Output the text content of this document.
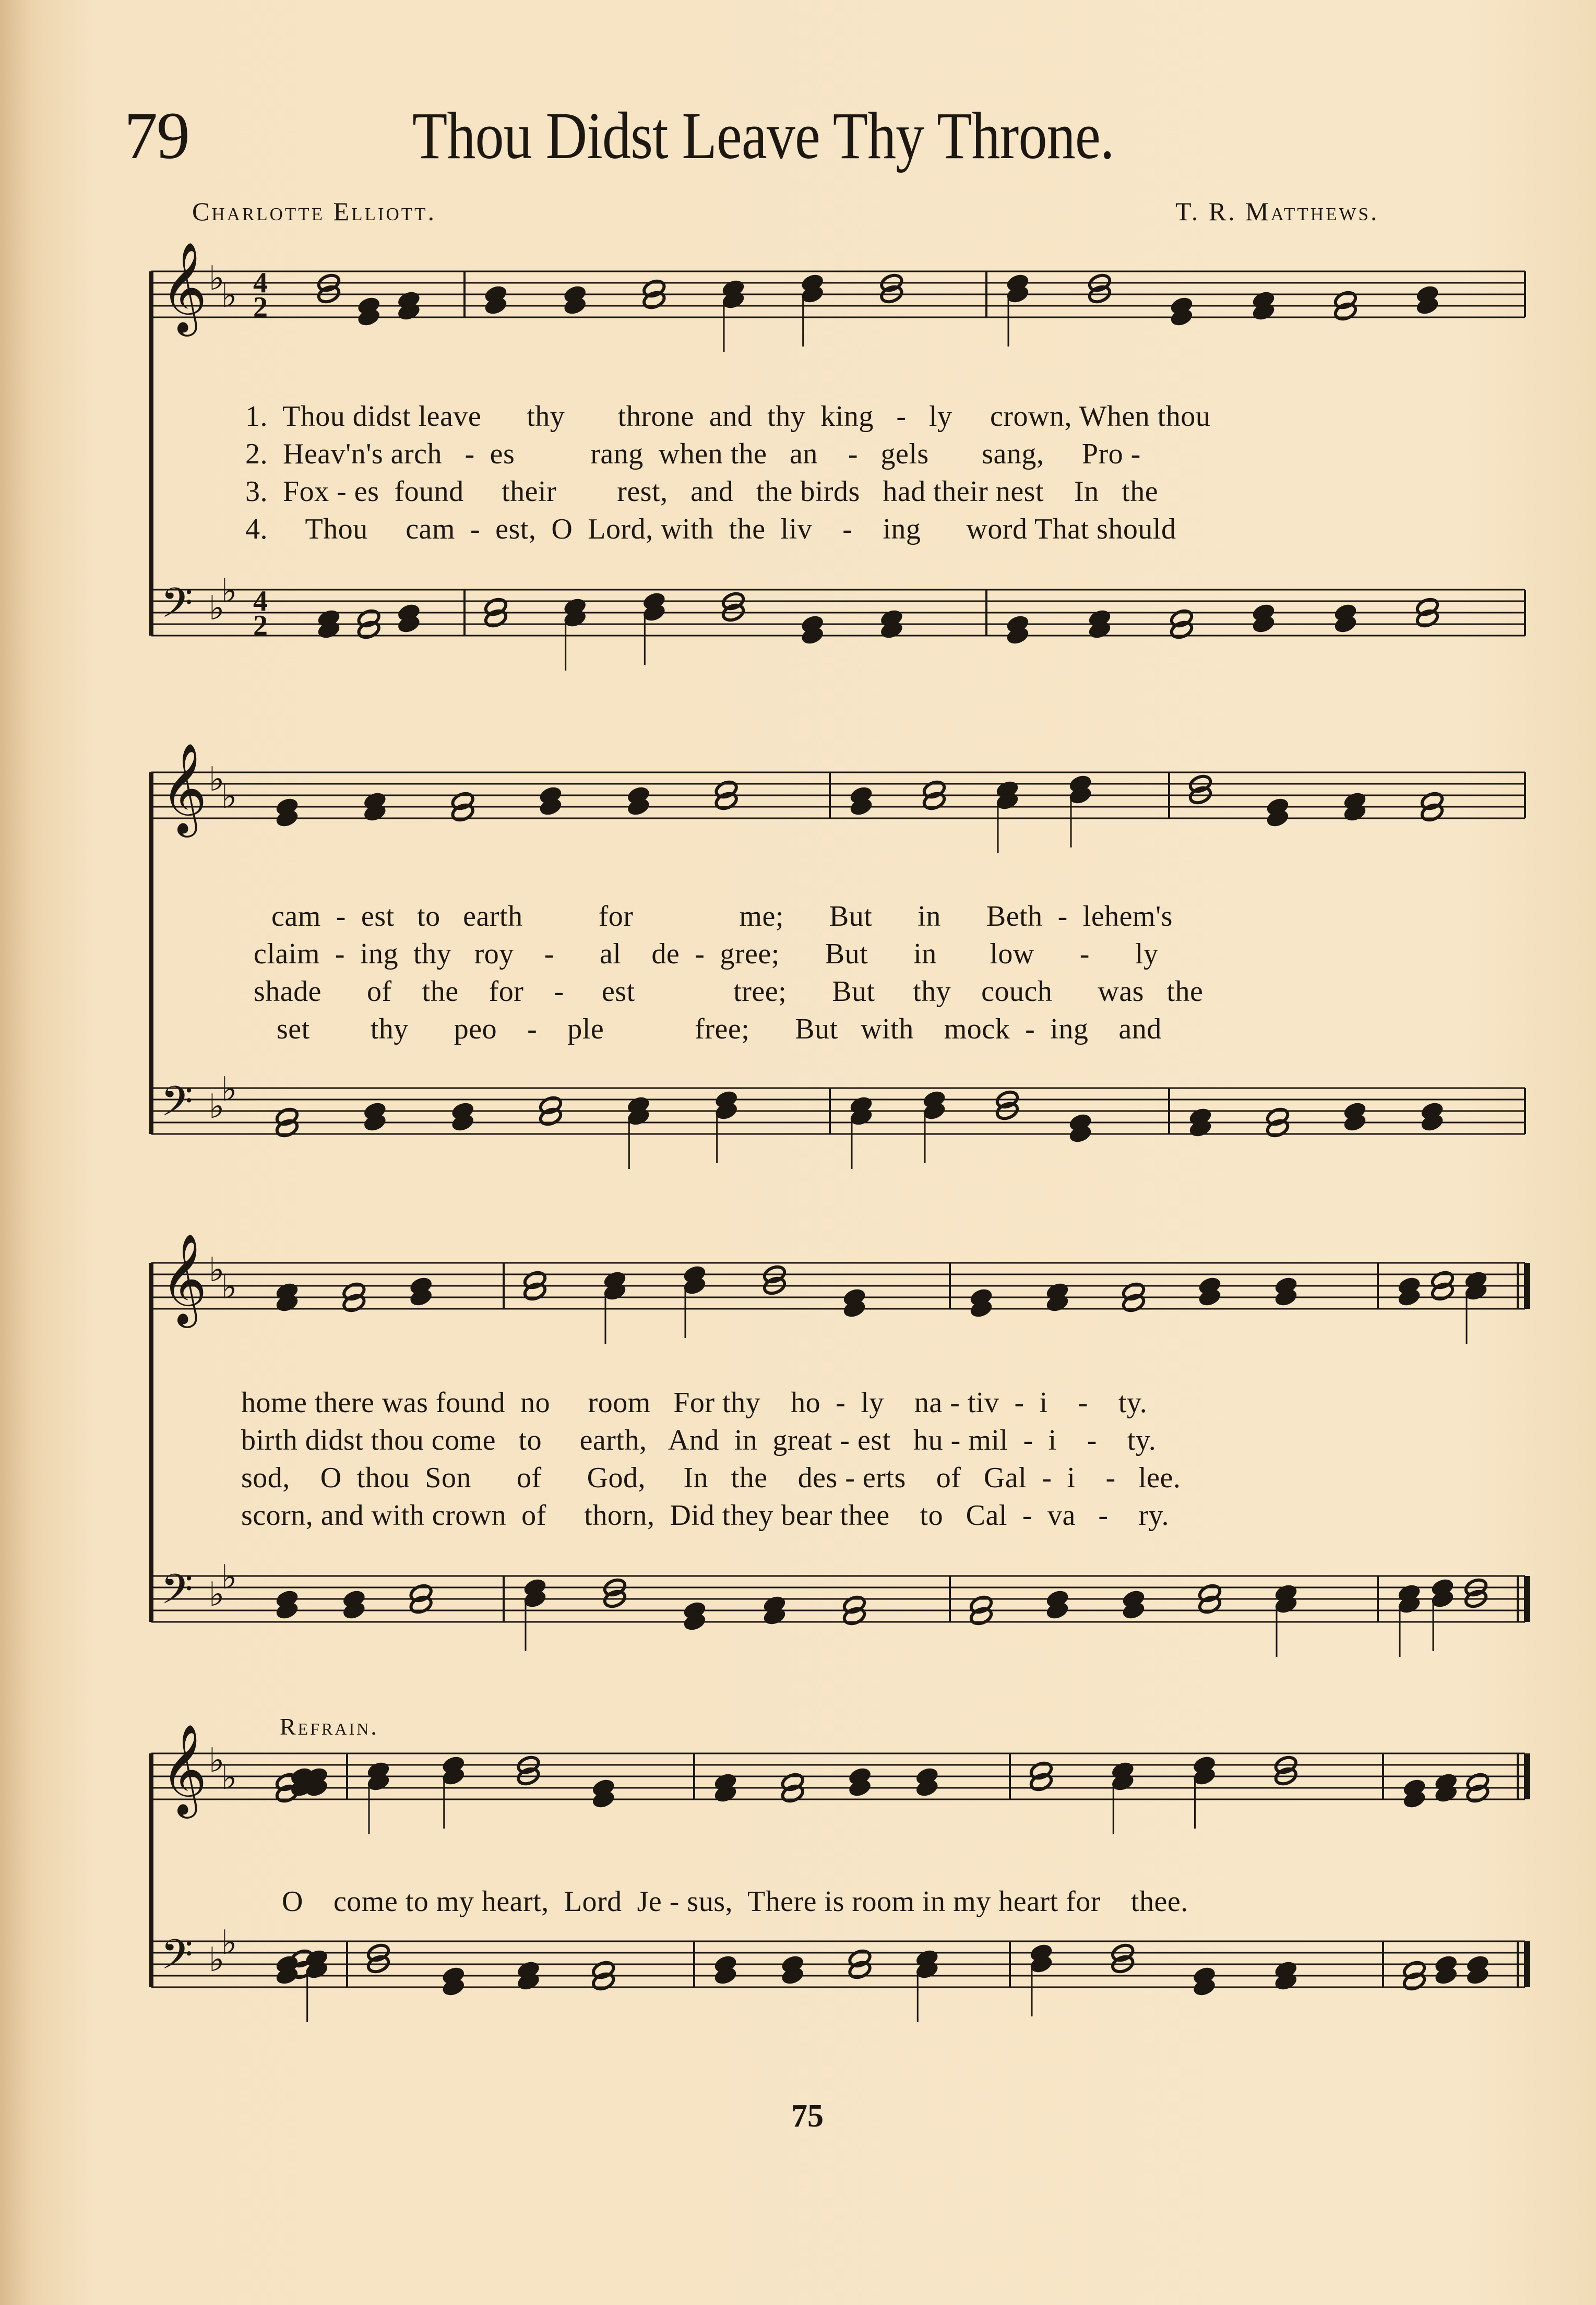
79	Thou Didst Leave Thy Throne.
Charlotte Elliott.	T. R. Matthews.
𝄞 ♭
♭ 4
2
𝄢 ♭
♭ 4
2
𝄞 ♭
♭
𝄢 ♭
♭
𝄞 ♭
♭
𝄢 ♭
♭
𝄞 ♭
♭
𝄢 ♭
♭
1.  Thou didst leave      thy       throne  and  thy  king   -   ly     crown, When thou
2.  Heav'n's arch   -  es          rang  when the   an    -   gels       sang,     Pro -
3.  Fox - es  found     their        rest,   and   the birds   had their nest    In   the
4.     Thou     cam  -  est,  O  Lord, with  the  liv    -    ing      word That should
cam  -  est   to   earth          for              me;      But      in      Beth  -  lehem's
claim  -  ing  thy   roy    -      al    de  -  gree;      But      in       low      -      ly
shade      of    the    for    -     est             tree;      But     thy    couch      was   the
set        thy      peo    -    ple            free;      But   with    mock  -  ing    and
home there was found  no     room   For thy    ho  -  ly    na - tiv  -  i    -    ty.
birth didst thou come   to     earth,   And  in  great - est   hu - mil  -  i    -    ty.
sod,    O  thou  Son      of      God,     In   the    des - erts    of   Gal  -  i    -   lee.
scorn, and with crown  of     thorn,  Did they bear thee    to   Cal  -  va   -    ry.
Refrain.
O    come to my heart,  Lord  Je - sus,  There is room in my heart for    thee.
75
